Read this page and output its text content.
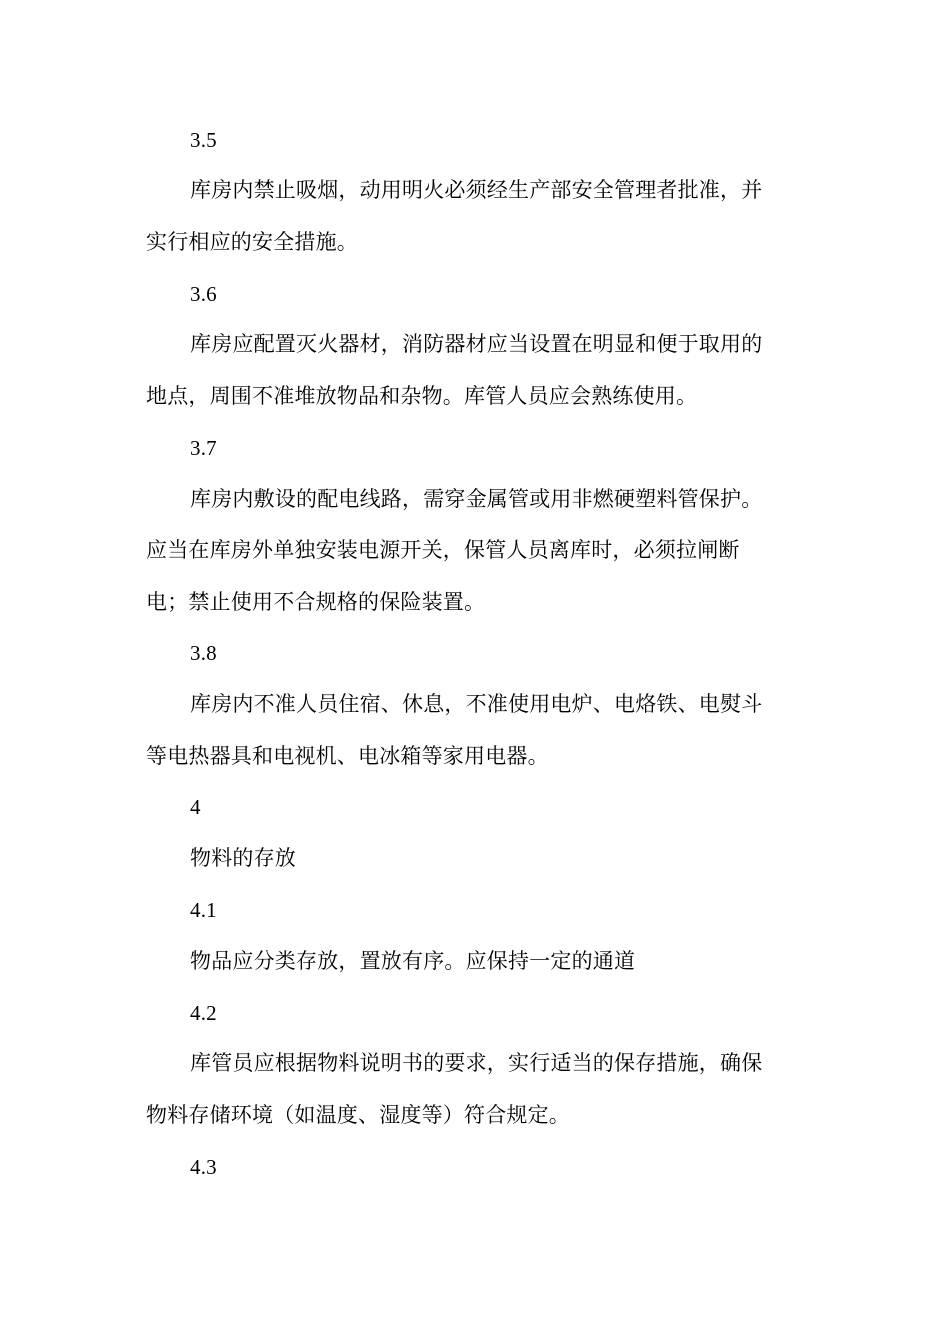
3.5
库房内禁止吸烟，动用明火必须经生产部安全管理者批准，并
实行相应的安全措施。
3.6
库房应配置灭火器材，消防器材应当设置在明显和便于取用的
地点，周围不准堆放物品和杂物。库管人员应会熟练使用。
3.7
库房内敷设的配电线路，需穿金属管或用非燃硬塑料管保护。
应当在库房外单独安装电源开关，保管人员离库时，必须拉闸断
电；禁止使用不合规格的保险装置。
3.8
库房内不准人员住宿、休息，不准使用电炉、电烙铁、电熨斗
等电热器具和电视机、电冰箱等家用电器。
4
物料的存放
4.1
物品应分类存放，置放有序。应保持一定的通道
4.2
库管员应根据物料说明书的要求，实行适当的保存措施，确保
物料存储环境（如温度、湿度等）符合规定。
4.3
